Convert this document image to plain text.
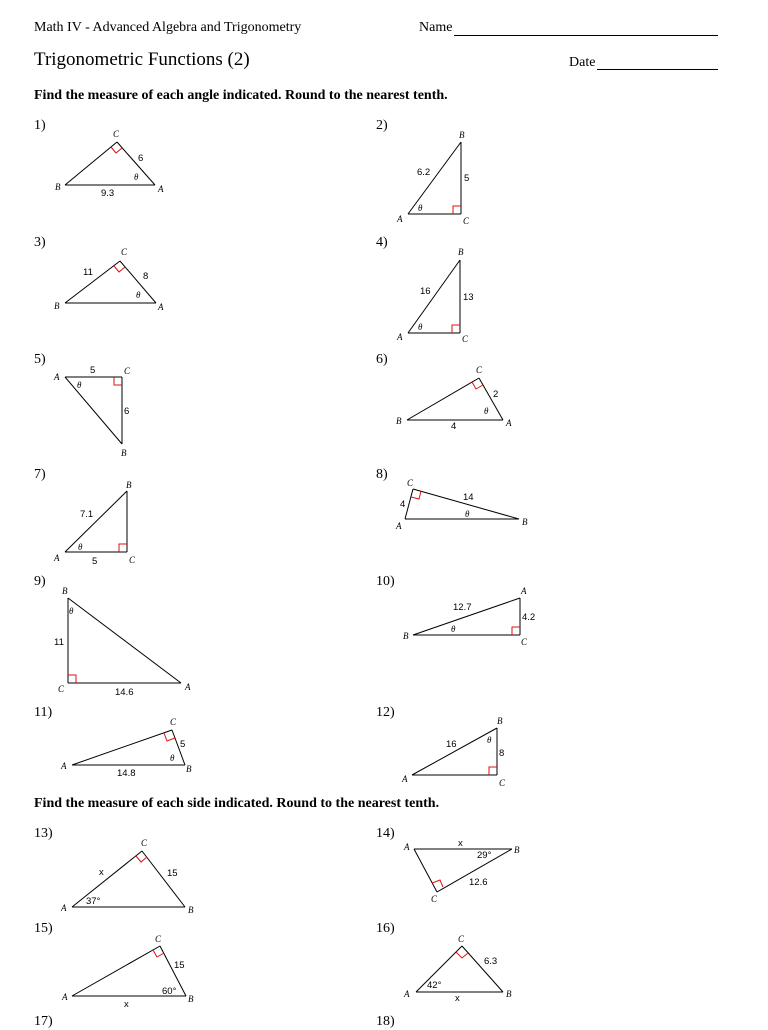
Math IV - Advanced Algebra and Trigonometry	Name
Trigonometric Functions (2)	Date
Find the measure of each angle indicated. Round to the nearest tenth.
Find the measure of each side indicated. Round to the nearest tenth.
1)	2)
3)	4)
5)	6)
7)	8)
9)	10)
11)	12)
13)	14)
15)	16)
17)	18)
C
B	A
6
9.3
θ
B
A	C
6.2
5
θ
C
B	A
11	8
θ
B
A	C
16
13
θ
A
C
B
5
6
θ
C
B	A
2
4
θ
B
A	C
7.1
5
θ
C
A	B
4
14
θ
B
C	A
11
14.6
θ
A
B
C
12.7
4.2
θ
C
A	B
5
14.8
θ
B
A	C
16
8
θ
C
A	B
x	15
37°
A	B
C
x
12.6
29°
C
A	B
15
x
60°
C
A	B
6.3
x
42°
